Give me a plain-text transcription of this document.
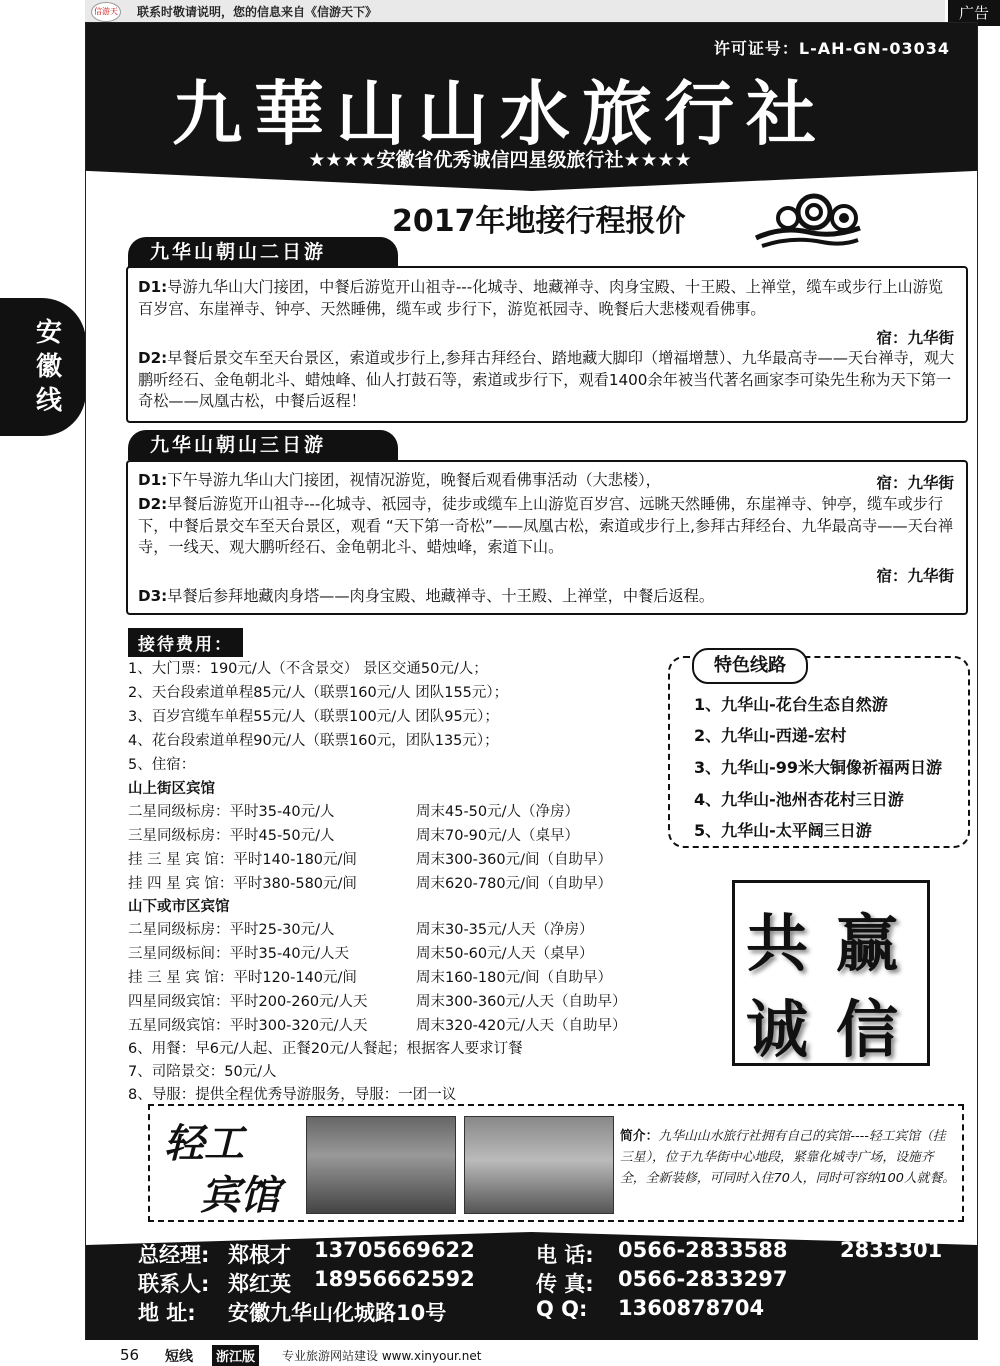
信游天 联系时敬请说明，您的信息来自《信游天下》	广告
安徽线
许可证号：L-AH-GN-03034
九華山山水旅行社
★★★★安徽省优秀诚信四星级旅行社★★★★
2017年地接行程报价
九华山朝山二日游
D1:导游九华山大门接团，中餐后游览开山祖寺---化城寺、地藏禅寺、肉身宝殿、十王殿、上禅堂，缆车或步行上山游览百岁宫、东崖禅寺、钟亭、天然睡佛，缆车或 步行下，游览祇园寺、晚餐后大悲楼观看佛事。
宿：九华街
D2:早餐后景交车至天台景区，索道或步行上,参拜古拜经台、踏地藏大脚印（增福增慧）、九华最高寺——天台禅寺，观大鹏听经石、金龟朝北斗、蜡烛峰、仙人打鼓石等，索道或步行下，观看1400余年被当代著名画家李可染先生称为天下第一奇松——凤凰古松，中餐后返程！
九华山朝山三日游
D1:下午导游九华山大门接团，视情况游览，晚餐后观看佛事活动（大悲楼），	宿：九华街
D2:早餐后游览开山祖寺---化城寺、祇园寺，徒步或缆车上山游览百岁宫、远眺天然睡佛，东崖禅寺、钟亭，缆车或步行下，中餐后景交车至天台景区，观看 “天下第一奇松”——凤凰古松，索道或步行上,参拜古拜经台、九华最高寺——天台禅寺，一线天、观大鹏听经石、金龟朝北斗、蜡烛峰，索道下山。
宿：九华街
D3:早餐后参拜地藏肉身塔——肉身宝殿、地藏禅寺、十王殿、上禅堂，中餐后返程。
接待费用：
1、大门票：190元/人（不含景交） 景区交通50元/人；
2、天台段索道单程85元/人（联票160元/人 团队155元）；
3、百岁宫缆车单程55元/人（联票100元/人 团队95元）；
4、花台段索道单程90元/人（联票160元，团队135元）；
5、住宿：
山上街区宾馆
二星同级标房：平时35-40元/人	周末45-50元/人（净房）
三星同级标房：平时45-50元/人	周末70-90元/人（桌早）
挂 三 星 宾 馆：平时140-180元/间	周末300-360元/间（自助早）
挂 四 星 宾 馆：平时380-580元/间	周末620-780元/间（自助早）
山下或市区宾馆
二星同级标房：平时25-30元/人	周末30-35元/人天（净房）
三星同级标间：平时35-40元/人天	周末50-60元/人天（桌早）
挂 三 星 宾 馆：平时120-140元/间	周末160-180元/间（自助早）
四星同级宾馆：平时200-260元/人天	周末300-360元/人天（自助早）
五星同级宾馆：平时300-320元/人天	周末320-420元/人天（自助早）
6、用餐：早6元/人起、正餐20元/人餐起；根据客人要求订餐
7、司陪景交：50元/人
8、导服：提供全程优秀导游服务，导服：一团一议
特色线路
1、九华山-花台生态自然游
2、九华山-西递-宏村
3、九华山-99米大铜像祈福两日游
4、九华山-池州杏花村三日游
5、九华山-太平阔三日游
共 赢
诚 信
轻工
宾馆
简介：九华山山水旅行社拥有自己的宾馆----轻工宾馆（挂三星），位于九华街中心地段，紧靠化城寺广场，设施齐全，全新装修，可同时入住70人，同时可容纳100人就餐。
总经理: 郑根才 13705669622	电 话: 0566-2833588	2833301
联系人: 郑红英 18956662592	传 真: 0566-2833297
地 址: 安徽九华山化城路10号	Q Q: 1360878704
56 短线	浙江版	专业旅游网站建设 www.xinyour.net
